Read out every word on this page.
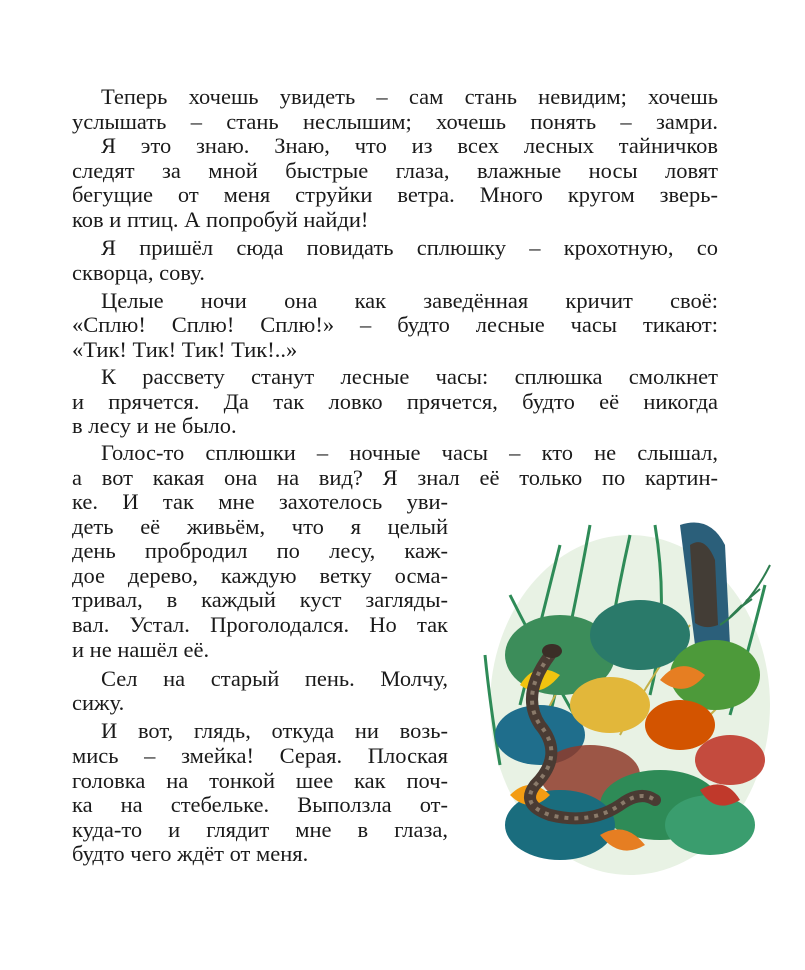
Теперь хочешь увидеть – сам стань невидим; хочешь
услышать – стань неслышим; хочешь понять – замри.
Я это знаю. Знаю, что из всех лесных тайничков
следят за мной быстрые глаза, влажные носы ловят
бегущие от меня струйки ветра. Много кругом зверь-
ков и птиц. А попробуй найди!
Я пришёл сюда повидать сплюшку – крохотную, со
скворца, сову.
Целые ночи она как заведённая кричит своё:
«Сплю! Сплю! Сплю!» – будто лесные часы тикают:
«Тик! Тик! Тик! Тик!..»
К рассвету станут лесные часы: сплюшка смолкнет
и прячется. Да так ловко прячется, будто её никогда
в лесу и не было.
Голос-то сплюшки – ночные часы – кто не слышал,
а вот какая она на вид? Я знал её только по картин-
ке. И так мне захотелось уви-
деть её живьём, что я целый
день пробродил по лесу, каж-
дое дерево, каждую ветку осма-
тривал, в каждый куст загляды-
вал. Устал. Проголодался. Но так
и не нашёл её.
Сел на старый пень. Молчу,
сижу.
И вот, глядь, откуда ни возь-
мись – змейка! Серая. Плоская
головка на тонкой шее как поч-
ка на стебельке. Выползла от-
куда-то и глядит мне в глаза,
будто чего ждёт от меня.
